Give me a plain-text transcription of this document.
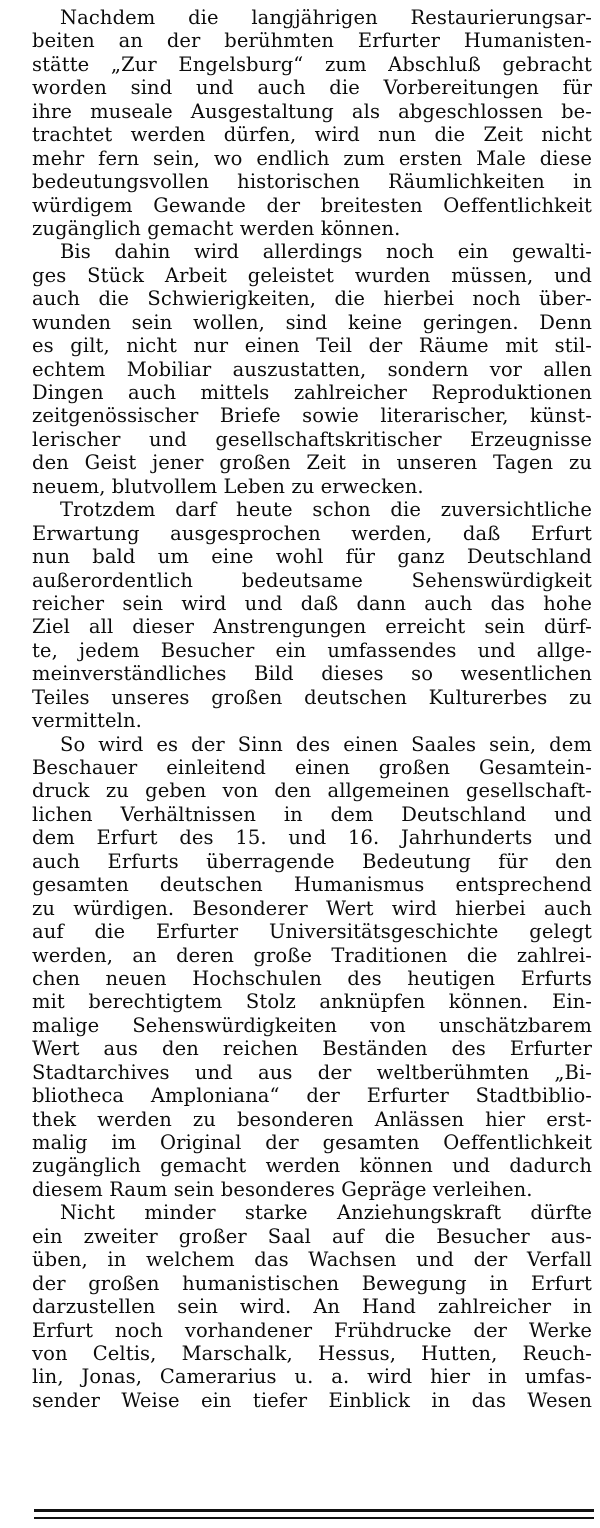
Nachdem die langjährigen Restaurierungsar-
beiten an der berühmten Erfurter Humanisten-
stätte „Zur Engelsburg“ zum Abschluß gebracht
worden sind und auch die Vorbereitungen für
ihre museale Ausgestaltung als abgeschlossen be-
trachtet werden dürfen, wird nun die Zeit nicht
mehr fern sein, wo endlich zum ersten Male diese
bedeutungsvollen historischen Räumlichkeiten in
würdigem Gewande der breitesten Oeffentlichkeit
zugänglich gemacht werden können.
Bis dahin wird allerdings noch ein gewalti-
ges Stück Arbeit geleistet wurden müssen, und
auch die Schwierigkeiten, die hierbei noch über-
wunden sein wollen, sind keine geringen. Denn
es gilt, nicht nur einen Teil der Räume mit stil-
echtem Mobiliar auszustatten, sondern vor allen
Dingen auch mittels zahlreicher Reproduktionen
zeitgenössischer Briefe sowie literarischer, künst-
lerischer und gesellschaftskritischer Erzeugnisse
den Geist jener großen Zeit in unseren Tagen zu
neuem, blutvollem Leben zu erwecken.
Trotzdem darf heute schon die zuversichtliche
Erwartung ausgesprochen werden, daß Erfurt
nun bald um eine wohl für ganz Deutschland
außerordentlich bedeutsame Sehenswürdigkeit
reicher sein wird und daß dann auch das hohe
Ziel all dieser Anstrengungen erreicht sein dürf-
te, jedem Besucher ein umfassendes und allge-
meinverständliches Bild dieses so wesentlichen
Teiles unseres großen deutschen Kulturerbes zu
vermitteln.
So wird es der Sinn des einen Saales sein, dem
Beschauer einleitend einen großen Gesamtein-
druck zu geben von den allgemeinen gesellschaft-
lichen Verhältnissen in dem Deutschland und
dem Erfurt des 15. und 16. Jahrhunderts und
auch Erfurts überragende Bedeutung für den
gesamten deutschen Humanismus entsprechend
zu würdigen. Besonderer Wert wird hierbei auch
auf die Erfurter Universitätsgeschichte gelegt
werden, an deren große Traditionen die zahlrei-
chen neuen Hochschulen des heutigen Erfurts
mit berechtigtem Stolz anknüpfen können. Ein-
malige Sehenswürdigkeiten von unschätzbarem
Wert aus den reichen Beständen des Erfurter
Stadtarchives und aus der weltberühmten „Bi-
bliotheca Amploniana“ der Erfurter Stadtbiblio-
thek werden zu besonderen Anlässen hier erst-
malig im Original der gesamten Oeffentlichkeit
zugänglich gemacht werden können und dadurch
diesem Raum sein besonderes Gepräge verleihen.
Nicht minder starke Anziehungskraft dürfte
ein zweiter großer Saal auf die Besucher aus-
üben, in welchem das Wachsen und der Verfall
der großen humanistischen Bewegung in Erfurt
darzustellen sein wird. An Hand zahlreicher in
Erfurt noch vorhandener Frühdrucke der Werke
von Celtis, Marschalk, Hessus, Hutten, Reuch-
lin, Jonas, Camerarius u. a. wird hier in umfas-
sender Weise ein tiefer Einblick in das Wesen
